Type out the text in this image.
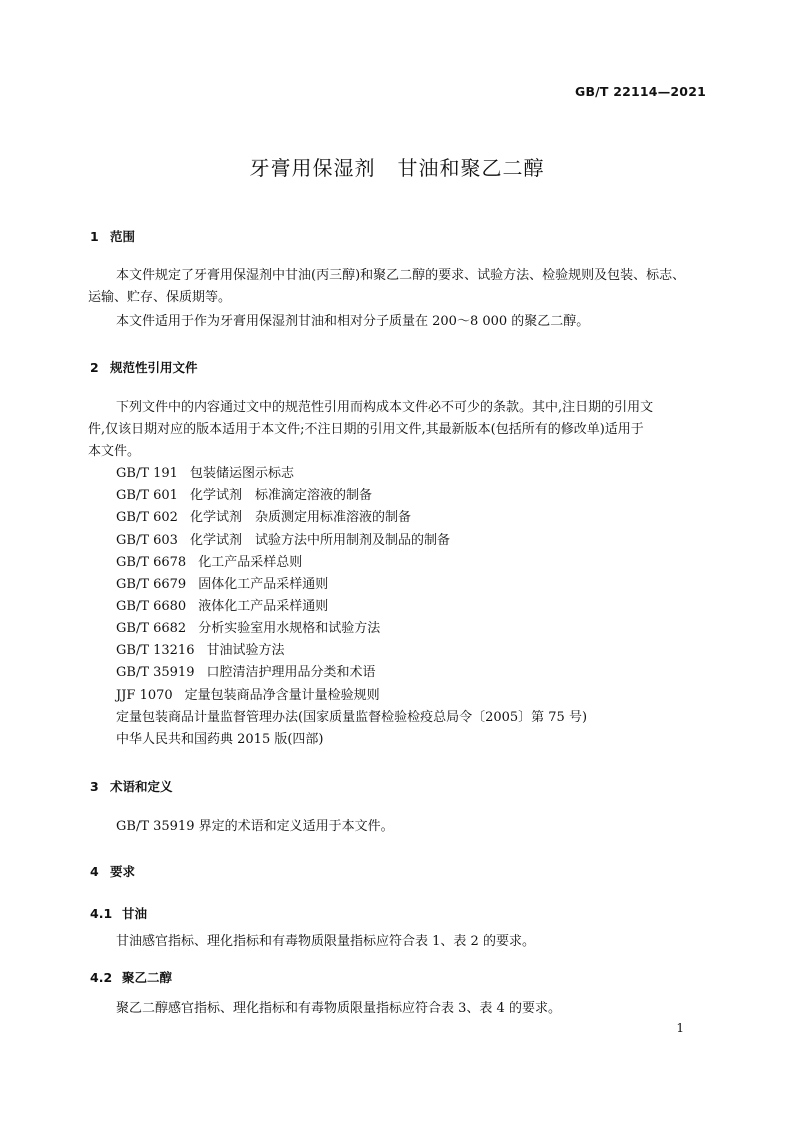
GB/T 22114—2021
牙膏用保湿剂 甘油和聚乙二醇
1 范围
本文件规定了牙膏用保湿剂中甘油(丙三醇)和聚乙二醇的要求、试验方法、检验规则及包装、标志、
运输、贮存、保质期等。
本文件适用于作为牙膏用保湿剂甘油和相对分子质量在 200～8 000 的聚乙二醇。
2 规范性引用文件
下列文件中的内容通过文中的规范性引用而构成本文件必不可少的条款。其中,注日期的引用文
件,仅该日期对应的版本适用于本文件;不注日期的引用文件,其最新版本(包括所有的修改单)适用于
本文件。
GB/T 191 包装储运图示标志
GB/T 601 化学试剂　标准滴定溶液的制备
GB/T 602 化学试剂　杂质测定用标准溶液的制备
GB/T 603 化学试剂　试验方法中所用制剂及制品的制备
GB/T 6678 化工产品采样总则
GB/T 6679 固体化工产品采样通则
GB/T 6680 液体化工产品采样通则
GB/T 6682 分析实验室用水规格和试验方法
GB/T 13216 甘油试验方法
GB/T 35919 口腔清洁护理用品分类和术语
JJF 1070 定量包装商品净含量计量检验规则
定量包装商品计量监督管理办法(国家质量监督检验检疫总局令〔2005〕第 75 号)
中华人民共和国药典 2015 版(四部)
3 术语和定义
GB/T 35919 界定的术语和定义适用于本文件。
4 要求
4.1 甘油
甘油感官指标、理化指标和有毒物质限量指标应符合表 1、表 2 的要求。
4.2 聚乙二醇
聚乙二醇感官指标、理化指标和有毒物质限量指标应符合表 3、表 4 的要求。
1
